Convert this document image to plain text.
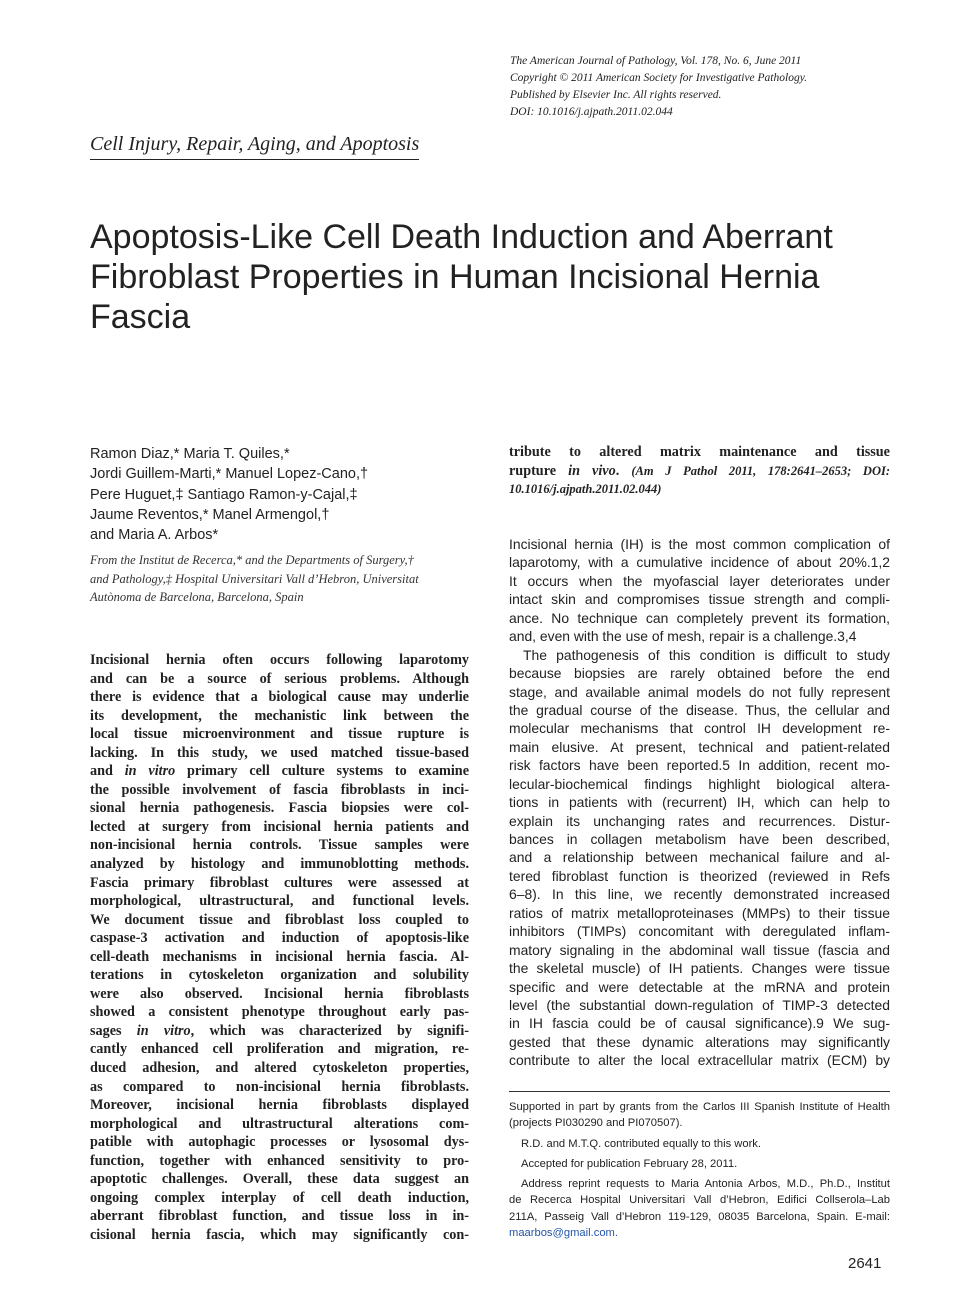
The American Journal of Pathology, Vol. 178, No. 6, June 2011
Copyright © 2011 American Society for Investigative Pathology.
Published by Elsevier Inc. All rights reserved.
DOI: 10.1016/j.ajpath.2011.02.044
Cell Injury, Repair, Aging, and Apoptosis
Apoptosis-Like Cell Death Induction and Aberrant Fibroblast Properties in Human Incisional Hernia Fascia
Ramon Diaz,* Maria T. Quiles,*
Jordi Guillem-Marti,* Manuel Lopez-Cano,†
Pere Huguet,‡ Santiago Ramon-y-Cajal,‡
Jaume Reventos,* Manel Armengol,†
and Maria A. Arbos*
From the Institut de Recerca,* and the Departments of Surgery,†
and Pathology,‡ Hospital Universitari Vall d’Hebron, Universitat
Autònoma de Barcelona, Barcelona, Spain
Incisional hernia often occurs following laparotomy
and can be a source of serious problems. Although
there is evidence that a biological cause may underlie
its development, the mechanistic link between the
local tissue microenvironment and tissue rupture is
lacking. In this study, we used matched tissue-based
and in vitro primary cell culture systems to examine
the possible involvement of fascia fibroblasts in inci-
sional hernia pathogenesis. Fascia biopsies were col-
lected at surgery from incisional hernia patients and
non-incisional hernia controls. Tissue samples were
analyzed by histology and immunoblotting methods.
Fascia primary fibroblast cultures were assessed at
morphological, ultrastructural, and functional levels.
We document tissue and fibroblast loss coupled to
caspase-3 activation and induction of apoptosis-like
cell-death mechanisms in incisional hernia fascia. Al-
terations in cytoskeleton organization and solubility
were also observed. Incisional hernia fibroblasts
showed a consistent phenotype throughout early pas-
sages in vitro, which was characterized by signifi-
cantly enhanced cell proliferation and migration, re-
duced adhesion, and altered cytoskeleton properties,
as compared to non-incisional hernia fibroblasts.
Moreover, incisional hernia fibroblasts displayed
morphological and ultrastructural alterations com-
patible with autophagic processes or lysosomal dys-
function, together with enhanced sensitivity to pro-
apoptotic challenges. Overall, these data suggest an
ongoing complex interplay of cell death induction,
aberrant fibroblast function, and tissue loss in in-
cisional hernia fascia, which may significantly con-
tribute to altered matrix maintenance and tissue
rupture in vivo. (Am J Pathol 2011, 178:2641–2653; DOI:
10.1016/j.ajpath.2011.02.044)
Incisional hernia (IH) is the most common complication of
laparotomy, with a cumulative incidence of about 20%.1,2
It occurs when the myofascial layer deteriorates under
intact skin and compromises tissue strength and compli-
ance. No technique can completely prevent its formation,
and, even with the use of mesh, repair is a challenge.3,4
The pathogenesis of this condition is difficult to study
because biopsies are rarely obtained before the end
stage, and available animal models do not fully represent
the gradual course of the disease. Thus, the cellular and
molecular mechanisms that control IH development re-
main elusive. At present, technical and patient-related
risk factors have been reported.5 In addition, recent mo-
lecular-biochemical findings highlight biological altera-
tions in patients with (recurrent) IH, which can help to
explain its unchanging rates and recurrences. Distur-
bances in collagen metabolism have been described,
and a relationship between mechanical failure and al-
tered fibroblast function is theorized (reviewed in Refs
6–8). In this line, we recently demonstrated increased
ratios of matrix metalloproteinases (MMPs) to their tissue
inhibitors (TIMPs) concomitant with deregulated inflam-
matory signaling in the abdominal wall tissue (fascia and
the skeletal muscle) of IH patients. Changes were tissue
specific and were detectable at the mRNA and protein
level (the substantial down-regulation of TIMP-3 detected
in IH fascia could be of causal significance).9 We sug-
gested that these dynamic alterations may significantly
contribute to alter the local extracellular matrix (ECM) by
Supported in part by grants from the Carlos III Spanish Institute of Health
(projects PI030290 and PI070507).
R.D. and M.T.Q. contributed equally to this work.
Accepted for publication February 28, 2011.
Address reprint requests to Maria Antonia Arbos, M.D., Ph.D., Institut
de Recerca Hospital Universitari Vall d’Hebron, Edifici Collserola–Lab
211A, Passeig Vall d’Hebron 119-129, 08035 Barcelona, Spain. E-mail:
maarbos@gmail.com.
2641
